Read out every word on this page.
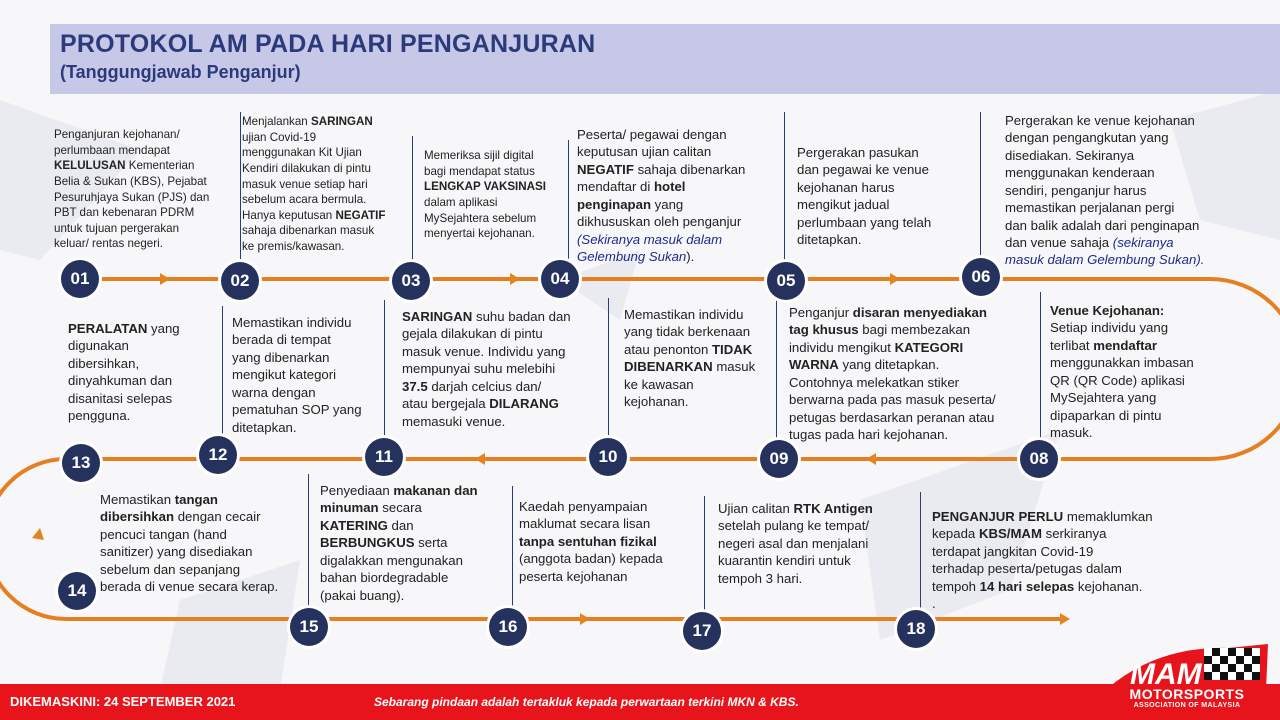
PROTOKOL AM PADA HARI PENGANJURAN
(Tanggungjawab Penganjur)
Penganjuran kejohanan/
perlumbaan mendapat
KELULUSAN Kementerian
Belia & Sukan (KBS), Pejabat
Pesuruhjaya Sukan (PJS) dan
PBT dan kebenaran PDRM
untuk tujuan pergerakan
keluar/ rentas negeri.
Menjalankan SARINGAN
ujian Covid-19
menggunakan Kit Ujian
Kendiri dilakukan di pintu
masuk venue setiap hari
sebelum acara bermula.
Hanya keputusan NEGATIF
sahaja dibenarkan masuk
ke premis/kawasan.
Memeriksa sijil digital
bagi mendapat status
LENGKAP VAKSINASI
dalam aplikasi
MySejahtera sebelum
menyertai kejohanan.
Peserta/ pegawai dengan
keputusan ujian calitan
NEGATIF sahaja dibenarkan
mendaftar di hotel
penginapan yang
dikhususkan oleh penganjur
(Sekiranya masuk dalam
Gelembung Sukan).
Pergerakan pasukan
dan pegawai ke venue
kejohanan harus
mengikut jadual
perlumbaan yang telah
ditetapkan.
Pergerakan ke venue kejohanan
dengan pengangkutan yang
disediakan. Sekiranya
menggunakan kenderaan
sendiri, penganjur harus
memastikan perjalanan pergi
dan balik adalah dari penginapan
dan venue sahaja (sekiranya
masuk dalam Gelembung Sukan).
Venue Kejohanan:
Setiap individu yang
terlibat mendaftar
menggunakkan imbasan
QR (QR Code) aplikasi
MySejahtera yang
dipaparkan di pintu
masuk.
Penganjur disaran menyediakan
tag khusus bagi membezakan
individu mengikut KATEGORI
WARNA yang ditetapkan.
Contohnya melekatkan stiker
berwarna pada pas masuk peserta/
petugas berdasarkan peranan atau
tugas pada hari kejohanan.
Memastikan individu
yang tidak berkenaan
atau penonton TIDAK
DIBENARKAN masuk
ke kawasan
kejohanan.
SARINGAN suhu badan dan
gejala dilakukan di pintu
masuk venue. Individu yang
mempunyai suhu melebihi
37.5 darjah celcius dan/
atau bergejala DILARANG
memasuki venue.
Memastikan individu
berada di tempat
yang dibenarkan
mengikut kategori
warna dengan
pematuhan SOP yang
ditetapkan.
PERALATAN yang
digunakan
dibersihkan,
dinyahkuman dan
disanitasi selepas
pengguna.
Memastikan tangan
dibersihkan dengan cecair
pencuci tangan (hand
sanitizer) yang disediakan
sebelum dan sepanjang
berada di venue secara kerap.
Penyediaan makanan dan
minuman secara
KATERING dan
BERBUNGKUS serta
digalakkan mengunakan
bahan biordegradable
(pakai buang).
Kaedah penyampaian
maklumat secara lisan
tanpa sentuhan fizikal
(anggota badan) kepada
peserta kejohanan
Ujian calitan RTK Antigen
setelah pulang ke tempat/
negeri asal dan menjalani
kuarantin kendiri untuk
tempoh 3 hari.
PENGANJUR PERLU memaklumkan
kepada KBS/MAM serkiranya
terdapat jangkitan Covid-19
terhadap peserta/petugas dalam
tempoh 14 hari selepas kejohanan.
.
01	02	03	04	05	06
08
09
10
11
12
13
14
15	16	17	18
DIKEMASKINI: 24 SEPTEMBER 2021	Sebarang pindaan adalah tertakluk kepada perwartaan terkini MKN & KBS.
MAM
MOTORSPORTS
ASSOCIATION OF MALAYSIA
